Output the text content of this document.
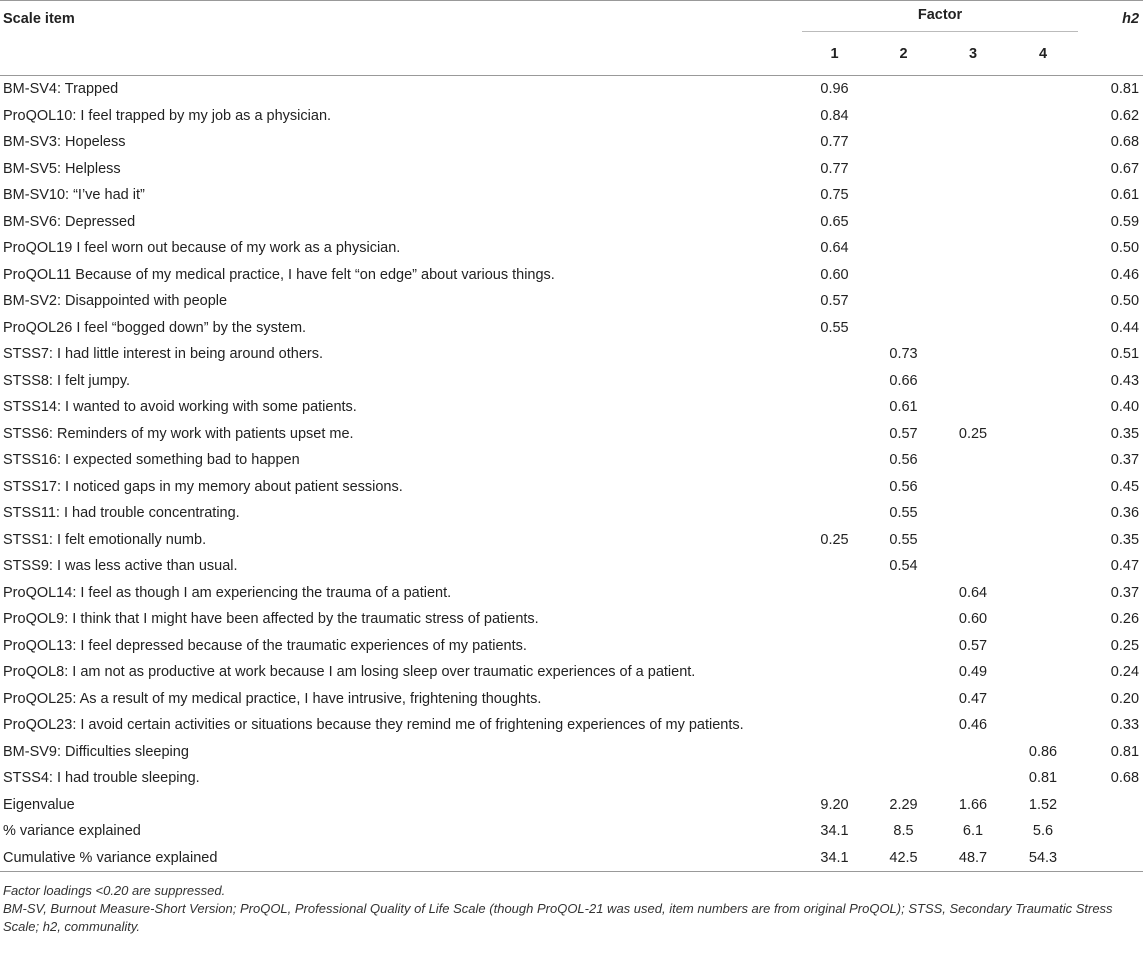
Scale item	Factor				h2
	1	2	3	4	
BM-SV4: Trapped	0.96				0.81
ProQOL10: I feel trapped by my job as a physician.	0.84				0.62
BM-SV3: Hopeless	0.77				0.68
BM-SV5: Helpless	0.77				0.67
BM-SV10: “I’ve had it”	0.75				0.61
BM-SV6: Depressed	0.65				0.59
ProQOL19 I feel worn out because of my work as a physician.	0.64				0.50
ProQOL11 Because of my medical practice, I have felt “on edge” about various things.	0.60				0.46
BM-SV2: Disappointed with people	0.57				0.50
ProQOL26 I feel “bogged down” by the system.	0.55				0.44
STSS7: I had little interest in being around others.		0.73			0.51
STSS8: I felt jumpy.		0.66			0.43
STSS14: I wanted to avoid working with some patients.		0.61			0.40
STSS6: Reminders of my work with patients upset me.		0.57	0.25		0.35
STSS16: I expected something bad to happen		0.56			0.37
STSS17: I noticed gaps in my memory about patient sessions.		0.56			0.45
STSS11: I had trouble concentrating.		0.55			0.36
STSS1: I felt emotionally numb.	0.25	0.55			0.35
STSS9: I was less active than usual.		0.54			0.47
ProQOL14: I feel as though I am experiencing the trauma of a patient.			0.64		0.37
ProQOL9: I think that I might have been affected by the traumatic stress of patients.			0.60		0.26
ProQOL13: I feel depressed because of the traumatic experiences of my patients.			0.57		0.25
ProQOL8: I am not as productive at work because I am losing sleep over traumatic experiences of a patient.			0.49		0.24
ProQOL25: As a result of my medical practice, I have intrusive, frightening thoughts.			0.47		0.20
ProQOL23: I avoid certain activities or situations because they remind me of frightening experiences of my patients.			0.46		0.33
BM-SV9: Difficulties sleeping				0.86	0.81
STSS4: I had trouble sleeping.				0.81	0.68
Eigenvalue	9.20	2.29	1.66	1.52	
% variance explained	34.1	8.5	6.1	5.6	
Cumulative % variance explained	34.1	42.5	48.7	54.3	
Factor loadings <0.20 are suppressed.
BM-SV, Burnout Measure-Short Version; ProQOL, Professional Quality of Life Scale (though ProQOL-21 was used, item numbers are from original ProQOL); STSS, Secondary Traumatic Stress Scale; h2, communality.
